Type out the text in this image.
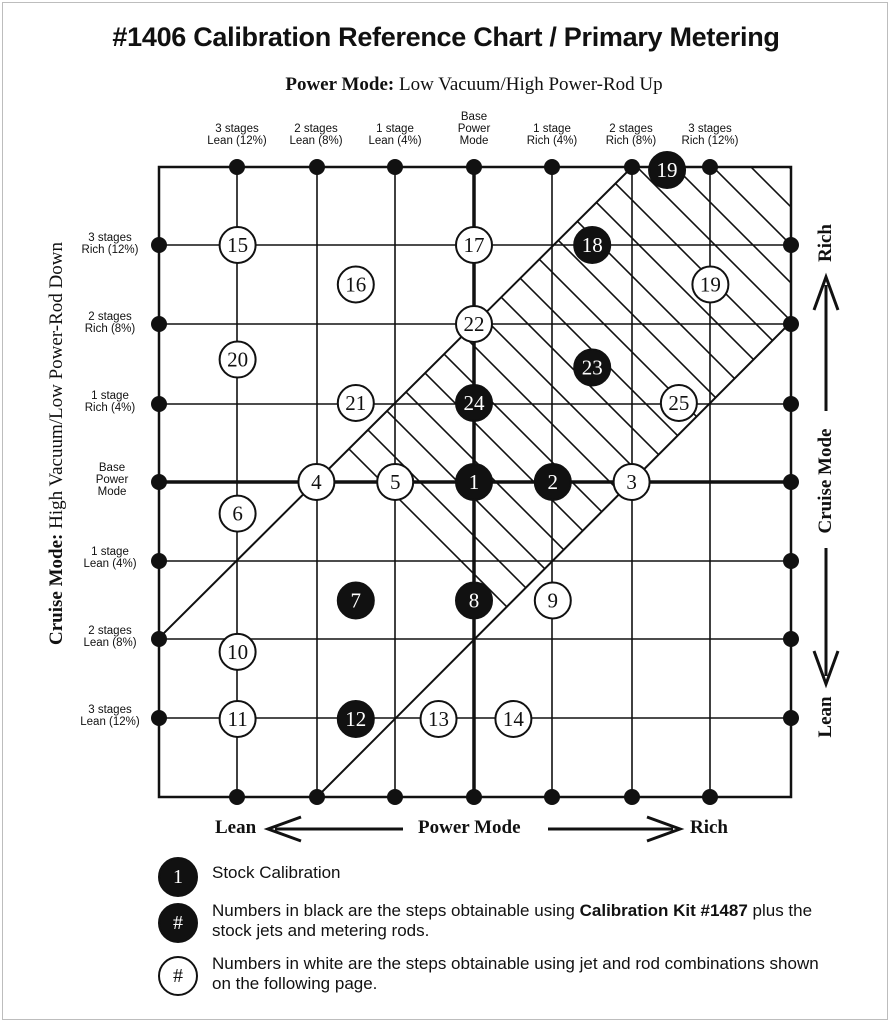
#1406 Calibration Reference Chart / Primary Metering
Power Mode: Low Vacuum/High Power-Rod Up
3 stages
Lean (12%)
2 stages
Lean (8%)
1 stage
Lean (4%)
Base
Power
Mode
1 stage
Rich (4%)
2 stages
Rich (8%)
3 stages
Rich (12%)
3 stages
Rich (12%)
2 stages
Rich (8%)
1 stage
Rich (4%)
Base
Power
Mode
1 stage
Lean (4%)
2 stages
Lean (8%)
3 stages
Lean (12%)
Cruise Mode: High Vacuum/Low Power-Rod Down	1	2	3
4	5
6
7	8	9
10
11	12	13	14
15
16
17	18
19
19
20
21
22
23
24	25
Lean	Power Mode	Rich
Rich
Cruise Mode
Lean
1	Stock Calibration
#
Numbers in black are the steps obtainable using Calibration Kit #1487 plus the stock jets and metering rods.
#
Numbers in white are the steps obtainable using jet and rod combinations shown on the following page.
